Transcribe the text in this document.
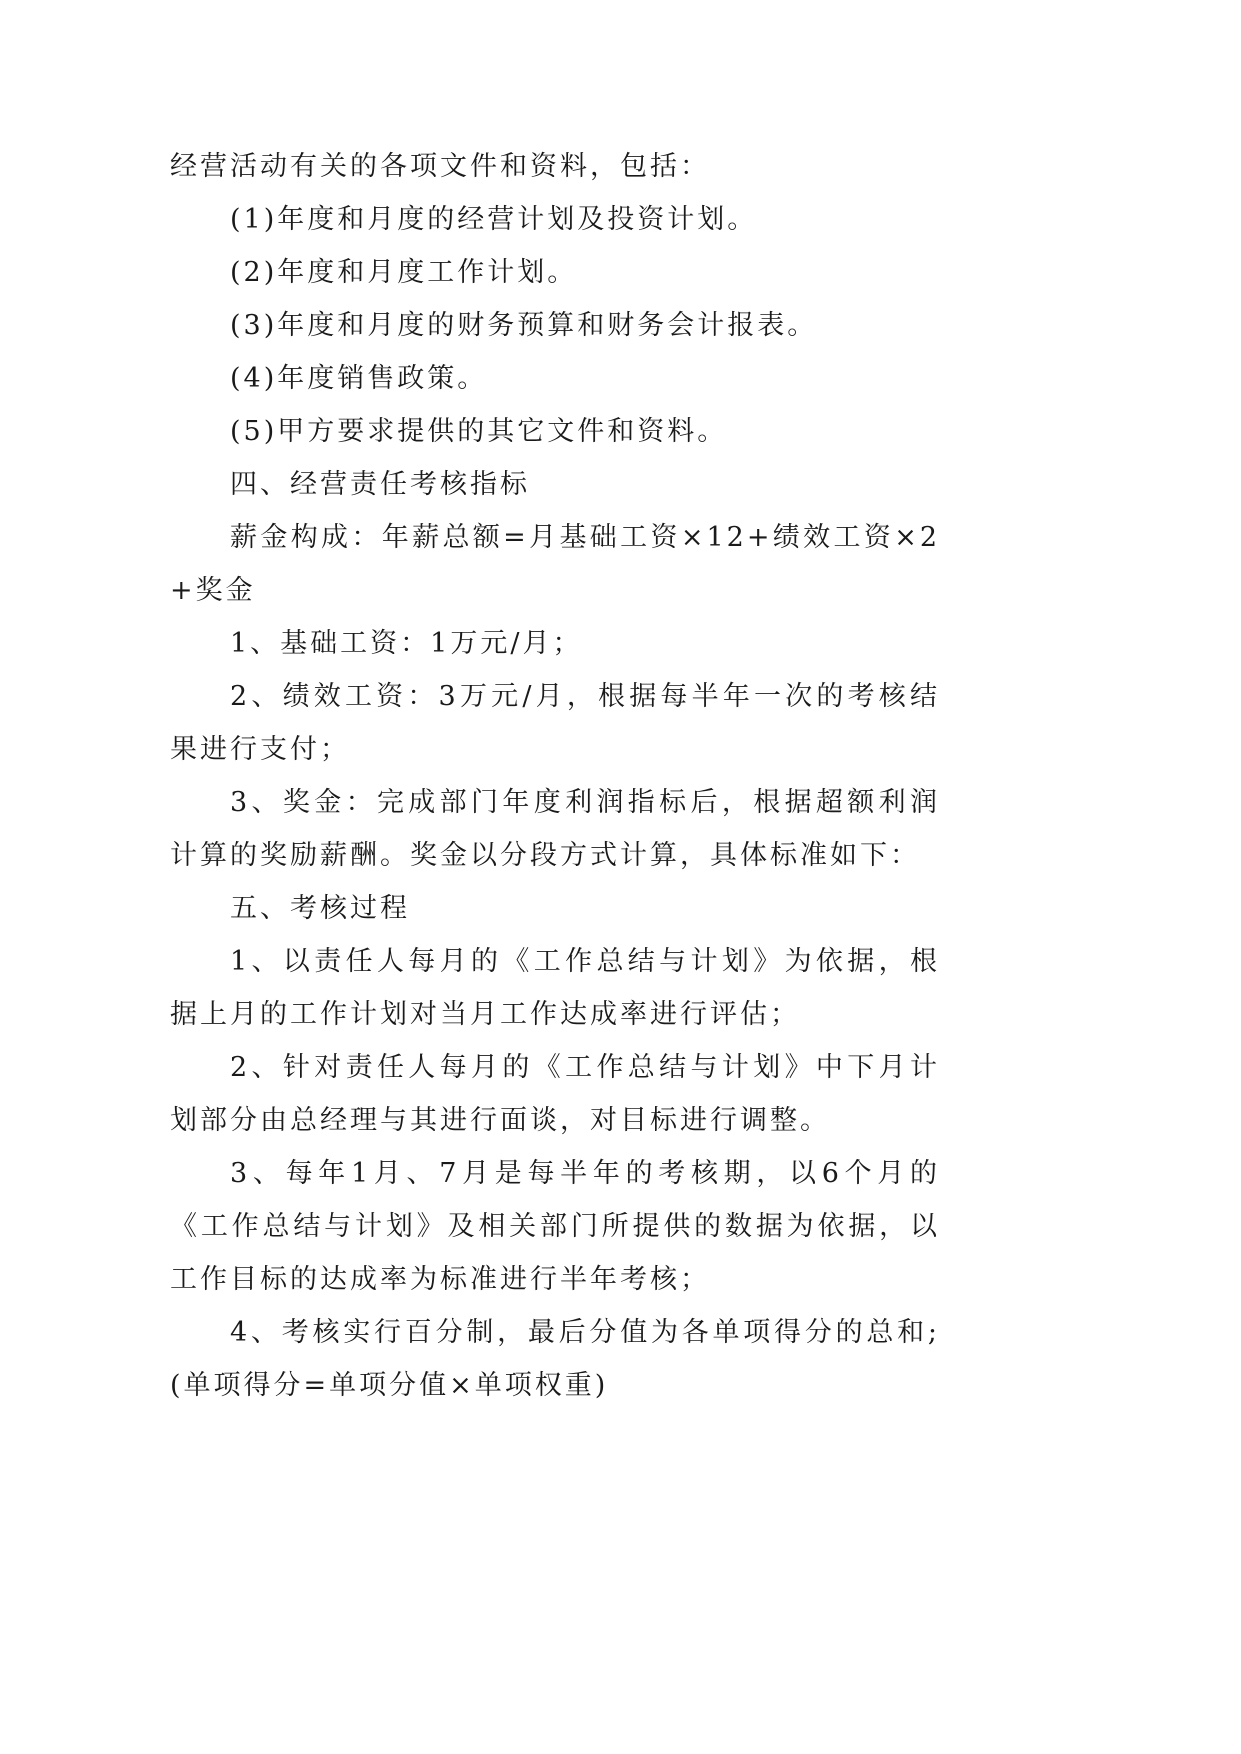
经营活动有关的各项文件和资料，包括：

(1)年度和月度的经营计划及投资计划。

(2)年度和月度工作计划。

(3)年度和月度的财务预算和财务会计报表。

(4)年度销售政策。

(5)甲方要求提供的其它文件和资料。

四、经营责任考核指标

薪金构成：年薪总额=月基础工资×12+绩效工资×2+奖金

1、基础工资：1万元/月；

2、绩效工资：3万元/月，根据每半年一次的考核结果进行支付；

3、奖金：完成部门年度利润指标后，根据超额利润计算的奖励薪酬。奖金以分段方式计算，具体标准如下：

五、考核过程

1、以责任人每月的《工作总结与计划》为依据，根据上月的工作计划对当月工作达成率进行评估；

2、针对责任人每月的《工作总结与计划》中下月计划部分由总经理与其进行面谈，对目标进行调整。

3、每年1月、7月是每半年的考核期，以6个月的《工作总结与计划》及相关部门所提供的数据为依据，以工作目标的达成率为标准进行半年考核；

4、考核实行百分制，最后分值为各单项得分的总和;(单项得分=单项分值×单项权重)
